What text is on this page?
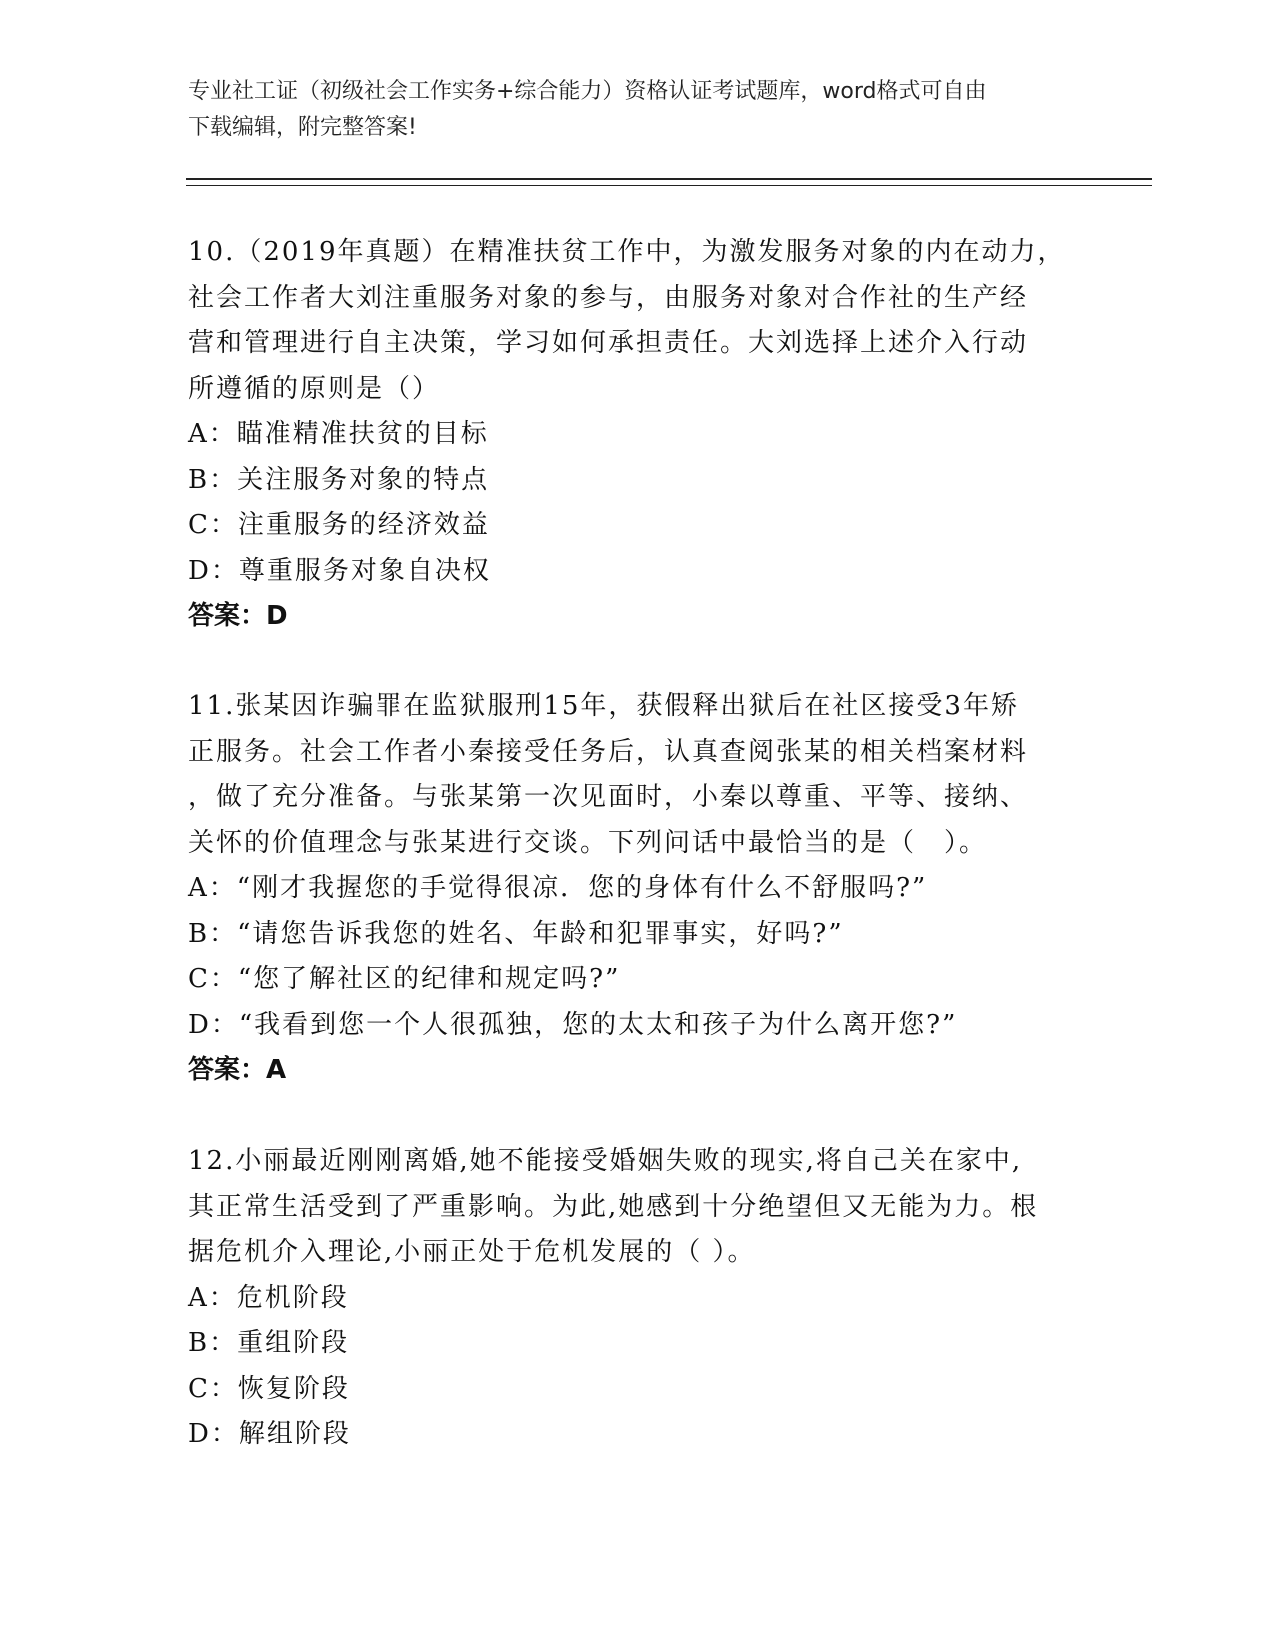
专业社工证（初级社会工作实务+综合能力）资格认证考试题库，word格式可自由
下载编辑，附完整答案!

10.（2019年真题）在精准扶贫工作中，为激发服务对象的内在动力，
社会工作者大刘注重服务对象的参与，由服务对象对合作社的生产经
营和管理进行自主决策，学习如何承担责任。大刘选择上述介入行动
所遵循的原则是（）

A：瞄准精准扶贫的目标
B：关注服务对象的特点
C：注重服务的经济效益
D：尊重服务对象自决权
答案：D

11.张某因诈骗罪在监狱服刑15年，获假释出狱后在社区接受3年矫
正服务。社会工作者小秦接受任务后，认真查阅张某的相关档案材料
，做了充分准备。与张某第一次见面时，小秦以尊重、平等、接纳、
关怀的价值理念与张某进行交谈。下列问话中最恰当的是（　）。

A：“刚才我握您的手觉得很凉．您的身体有什么不舒服吗?”
B：“请您告诉我您的姓名、年龄和犯罪事实，好吗?”
C：“您了解社区的纪律和规定吗?”
D：“我看到您一个人很孤独，您的太太和孩子为什么离开您?”
答案：A

12.小丽最近刚刚离婚,她不能接受婚姻失败的现实,将自己关在家中,
其正常生活受到了严重影响。为此,她感到十分绝望但又无能为力。根
据危机介入理论,小丽正处于危机发展的（ ）。

A：危机阶段
B：重组阶段
C：恢复阶段
D：解组阶段
